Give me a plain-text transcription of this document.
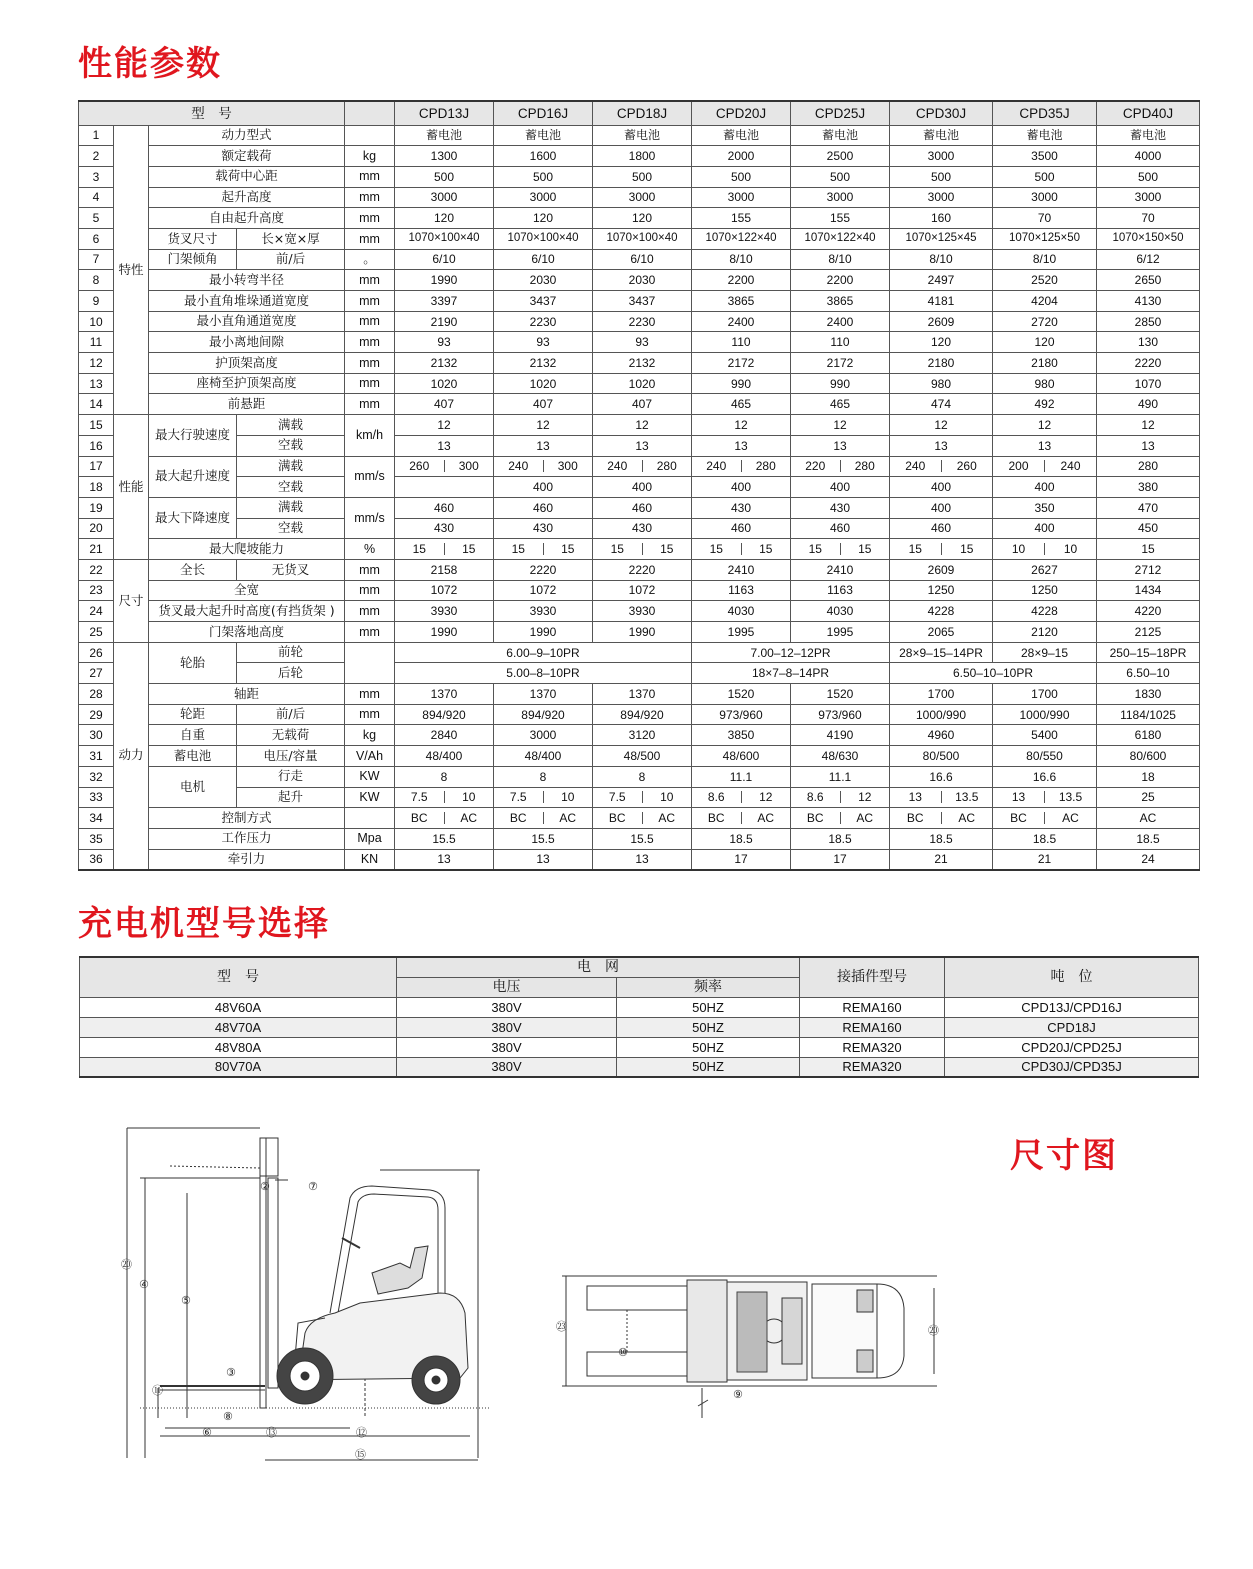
性能参数
型　号					CPD13J	CPD16J	CPD18J	CPD20J	CPD25J	CPD30J	CPD35J	CPD40J	
1	特性	动力型式			蓄电池	蓄电池	蓄电池	蓄电池	蓄电池	蓄电池	蓄电池	蓄电池	
2		额定载荷		kg	1300	1600	1800	2000	2500	3000	3500	4000	
3		载荷中心距		mm	500	500	500	500	500	500	500	500	
4		起升高度		mm	3000	3000	3000	3000	3000	3000	3000	3000	
5		自由起升高度		mm	120	120	120	155	155	160	70	70	
6		货叉尺寸	长×宽×厚	mm	1070×100×40	1070×100×40	1070×100×40	1070×122×40	1070×122×40	1070×125×45	1070×125×50	1070×150×50	
7		门架倾角	前/后	。	6/10	6/10	6/10	8/10	8/10	8/10	8/10	6/12	
8		最小转弯半径		mm	1990	2030	2030	2200	2200	2497	2520	2650	
9		最小直角堆垛通道宽度		mm	3397	3437	3437	3865	3865	4181	4204	4130	
10		最小直角通道宽度		mm	2190	2230	2230	2400	2400	2609	2720	2850	
11		最小离地间隙		mm	93	93	93	110	110	120	120	130	
12		护顶架高度		mm	2132	2132	2132	2172	2172	2180	2180	2220	
13		座椅至护顶架高度		mm	1020	1020	1020	990	990	980	980	1070	
14		前悬距		mm	407	407	407	465	465	474	492	490	
15	性能	最大行驶速度	满载	km/h	12	12	12	12	12	12	12	12	
16			空载		13	13	13	13	13	13	13	13	
17		最大起升速度	满载	mm/s	260 300	240 300	240 280	240 280	220 280	240 260	200 240	280	
18			空载			400	400	400	400	400	400	380	
19		最大下降速度	满载	mm/s	460	460	460	430	430	400	350	470	
20			空载		430	430	430	460	460	460	400	450	
21		最大爬坡能力		%	15 15	15 15	15 15	15 15	15 15	15 15	10 10	15	
22	尺寸	全长	无货叉	mm	2158	2220	2220	2410	2410	2609	2627	2712	
23		全宽		mm	1072	1072	1072	1163	1163	1250	1250	1434	
24		货叉最大起升时高度(有挡货架 )		mm	3930	3930	3930	4030	4030	4228	4228	4220	
25		门架落地高度		mm	1990	1990	1990	1995	1995	2065	2120	2125	
26	动力	轮胎	前轮		6.00–9–10PR			7.00–12–12PR		28×9–15–14PR	28×9–15	250–15–18PR	
27			后轮		5.00–8–10PR			18×7–8–14PR		6.50–10–10PR		6.50–10	
28		轴距		mm	1370	1370	1370	1520	1520	1700	1700	1830	
29		轮距	前/后	mm	894/920	894/920	894/920	973/960	973/960	1000/990	1000/990	1184/1025	
30		自重	无载荷	kg	2840	3000	3120	3850	4190	4960	5400	6180	
31		蓄电池	电压/容量	V/Ah	48/400	48/400	48/500	48/600	48/630	80/500	80/550	80/600	
32		电机	行走	KW	8	8	8	11.1	11.1	16.6	16.6	18	
33			起升	KW	7.5 10	7.5 10	7.5 10	8.6 12	8.6 12	13 13.5	13 13.5	25	
34		控制方式			BC AC	BC AC	BC AC	BC AC	BC AC	BC AC	BC AC	AC	
35		工作压力		Mpa	15.5	15.5	15.5	18.5	18.5	18.5	18.5	18.5	
36		牵引力		KN	13	13	13	17	17	21	21	24	
充电机型号选择
型　号	电　网		接插件型号	吨　位
	电压	频率		
48V60A	380V	50HZ	REMA160	CPD13J/CPD16J
48V70A	380V	50HZ	REMA160	CPD18J
48V80A	380V	50HZ	REMA320	CPD20J/CPD25J
80V70A	380V	50HZ	REMA320	CPD30J/CPD35J
尺寸图
②	⑦
⑳
④
⑤
③
⑪
⑧
⑥	⑬	⑫
⑮
㉓
⑩
⑨
⑳
